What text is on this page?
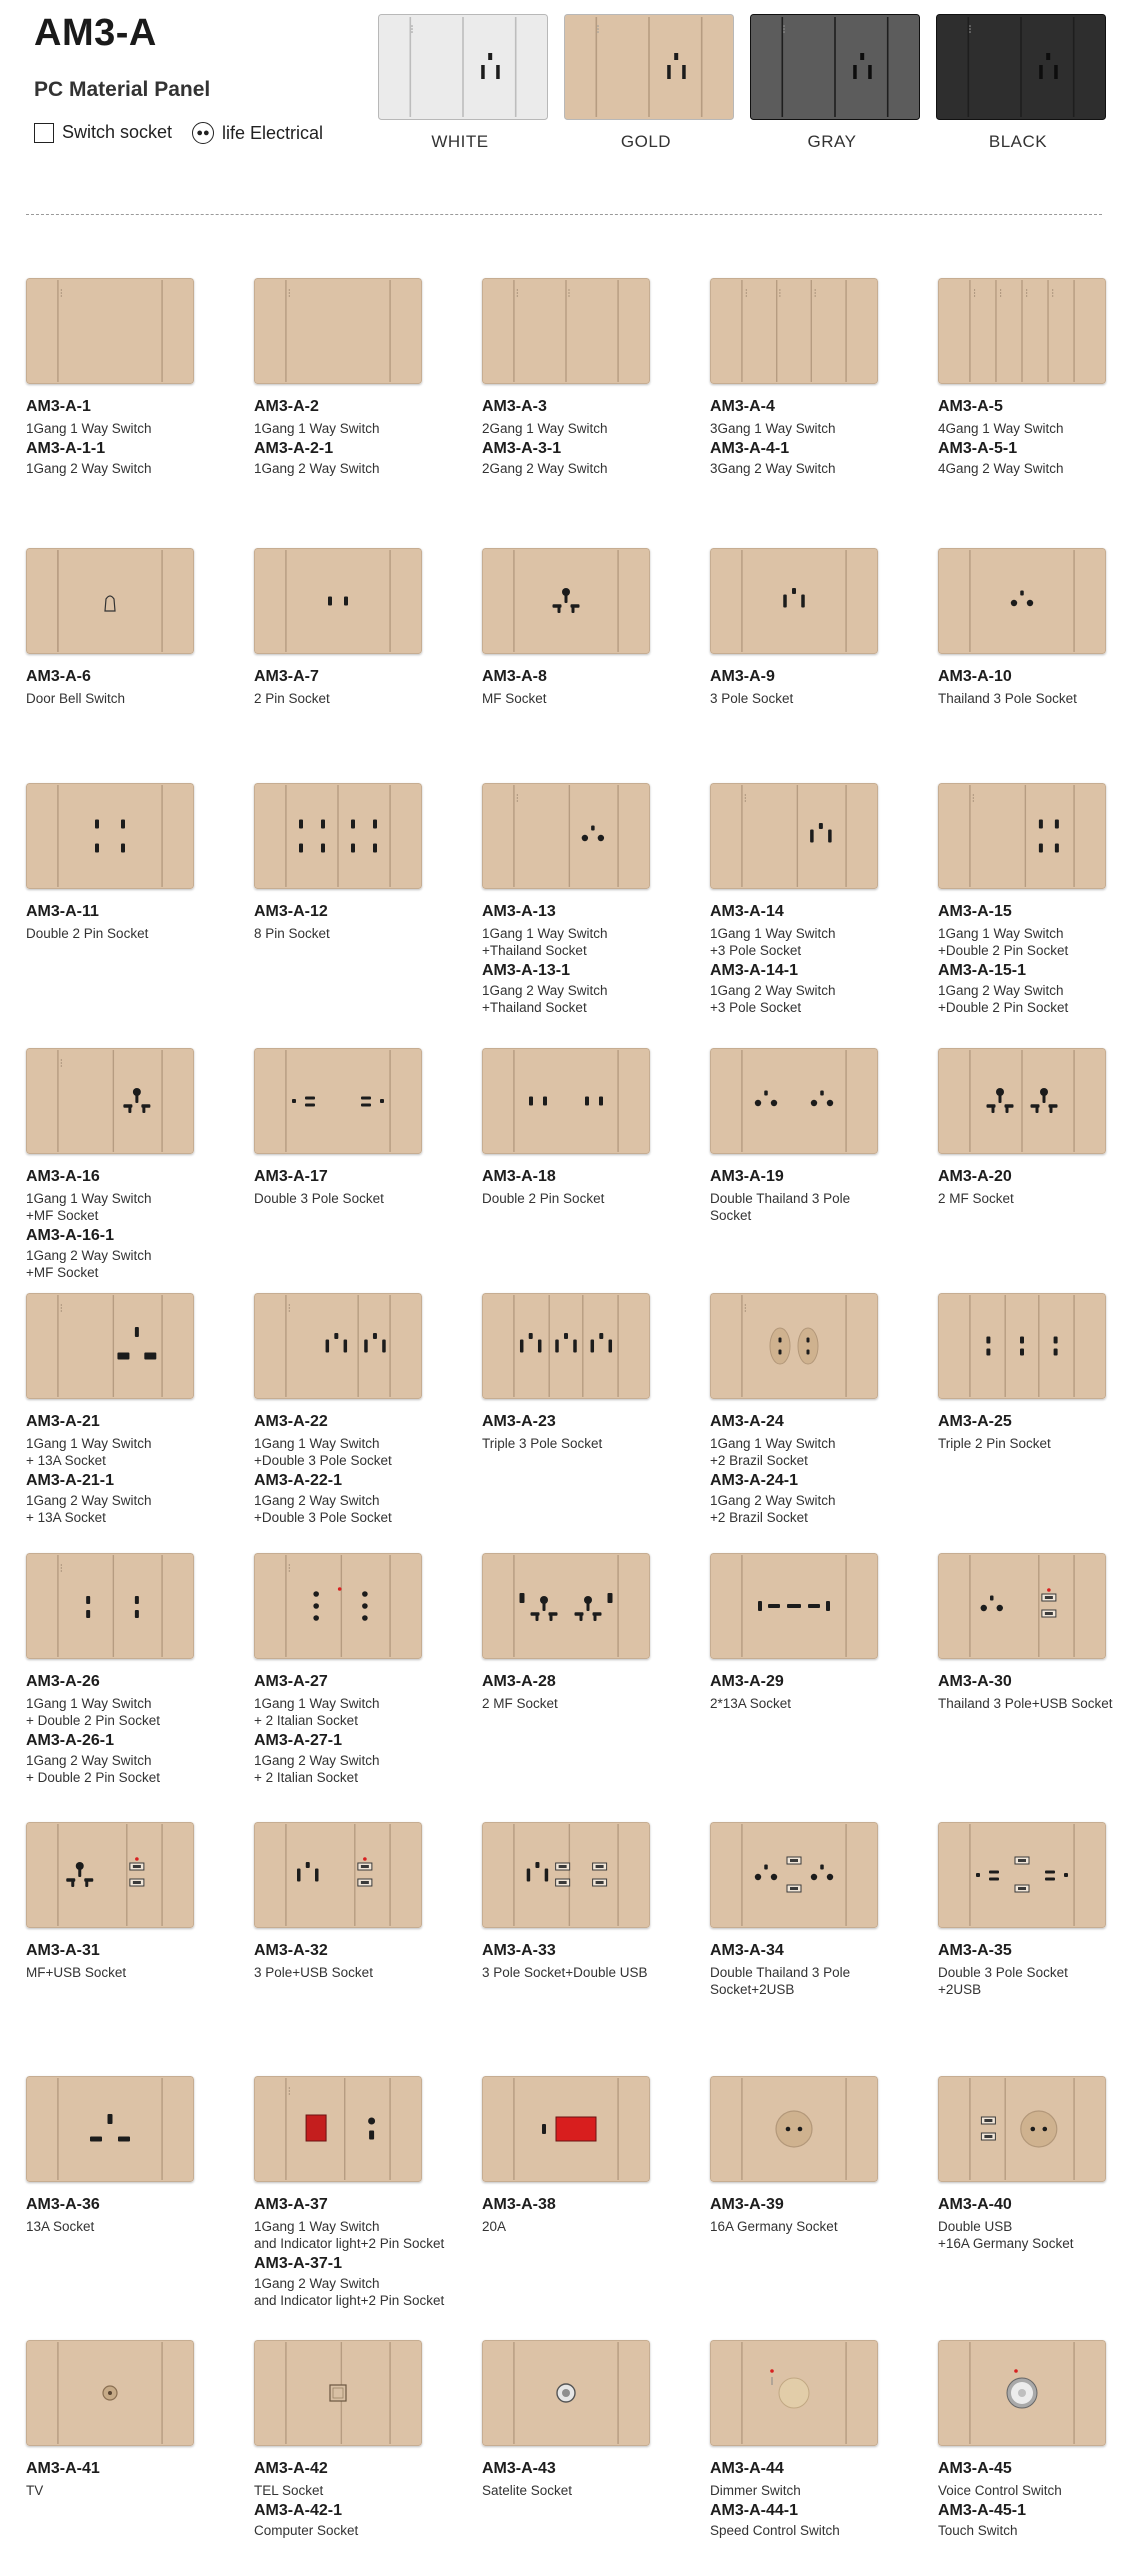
AM3-A
PC Material Panel
Switch socket	●● life Electrical	WHITE	GOLD	GRAY	BLACK
AM3-A-1
1Gang 1 Way Switch
AM3-A-1-1
1Gang 2 Way Switch
AM3-A-2
1Gang 1 Way Switch
AM3-A-2-1
1Gang 2 Way Switch
AM3-A-3
2Gang 1 Way Switch
AM3-A-3-1
2Gang 2 Way Switch
AM3-A-4
3Gang 1 Way Switch
AM3-A-4-1
3Gang 2 Way Switch
AM3-A-5
4Gang 1 Way Switch
AM3-A-5-1
4Gang 2 Way Switch
AM3-A-6
Door Bell Switch
AM3-A-7
2 Pin Socket
AM3-A-8
MF Socket
AM3-A-9
3 Pole Socket
AM3-A-10
Thailand 3 Pole Socket
AM3-A-11
Double 2 Pin Socket
AM3-A-12
8 Pin Socket
AM3-A-13
1Gang 1 Way Switch
+Thailand Socket
AM3-A-13-1
1Gang 2 Way Switch
+Thailand Socket
AM3-A-14
1Gang 1 Way Switch
+3 Pole Socket
AM3-A-14-1
1Gang 2 Way Switch
+3 Pole Socket
AM3-A-15
1Gang 1 Way Switch
+Double 2 Pin Socket
AM3-A-15-1
1Gang 2 Way Switch
+Double 2 Pin Socket
AM3-A-16
1Gang 1 Way Switch
+MF Socket
AM3-A-16-1
1Gang 2 Way Switch
+MF Socket
AM3-A-17
Double 3 Pole Socket
AM3-A-18
Double 2 Pin Socket
AM3-A-19
Double Thailand 3 Pole
Socket
AM3-A-20
2 MF Socket
AM3-A-21
1Gang 1 Way Switch
+ 13A Socket
AM3-A-21-1
1Gang 2 Way Switch
+ 13A Socket
AM3-A-22
1Gang 1 Way Switch
+Double 3 Pole Socket
AM3-A-22-1
1Gang 2 Way Switch
+Double 3 Pole Socket
AM3-A-23
Triple 3 Pole Socket
AM3-A-24
1Gang 1 Way Switch
+2 Brazil Socket
AM3-A-24-1
1Gang 2 Way Switch
+2 Brazil Socket
AM3-A-25
Triple 2 Pin Socket
AM3-A-26
1Gang 1 Way Switch
+ Double 2 Pin Socket
AM3-A-26-1
1Gang 2 Way Switch
+ Double 2 Pin Socket
AM3-A-27
1Gang 1 Way Switch
+ 2 Italian Socket
AM3-A-27-1
1Gang 2 Way Switch
+ 2 Italian Socket
AM3-A-28
2 MF Socket
AM3-A-29
2*13A Socket
AM3-A-30
Thailand 3 Pole+USB Socket
AM3-A-31
MF+USB Socket
AM3-A-32
3 Pole+USB Socket
AM3-A-33
3 Pole Socket+Double USB
AM3-A-34
Double Thailand 3 Pole
Socket+2USB
AM3-A-35
Double 3 Pole Socket
+2USB
AM3-A-36
13A Socket
AM3-A-37
1Gang 1 Way Switch
and Indicator light+2 Pin Socket
AM3-A-37-1
1Gang 2 Way Switch
and Indicator light+2 Pin Socket
AM3-A-38
20A
AM3-A-39
16A Germany Socket
AM3-A-40
Double USB
+16A Germany Socket
AM3-A-41
TV
AM3-A-42
TEL Socket
AM3-A-42-1
Computer Socket
AM3-A-43
Satelite Socket
AM3-A-44
Dimmer Switch
AM3-A-44-1
Speed Control Switch
AM3-A-45
Voice Control Switch
AM3-A-45-1
Touch Switch
